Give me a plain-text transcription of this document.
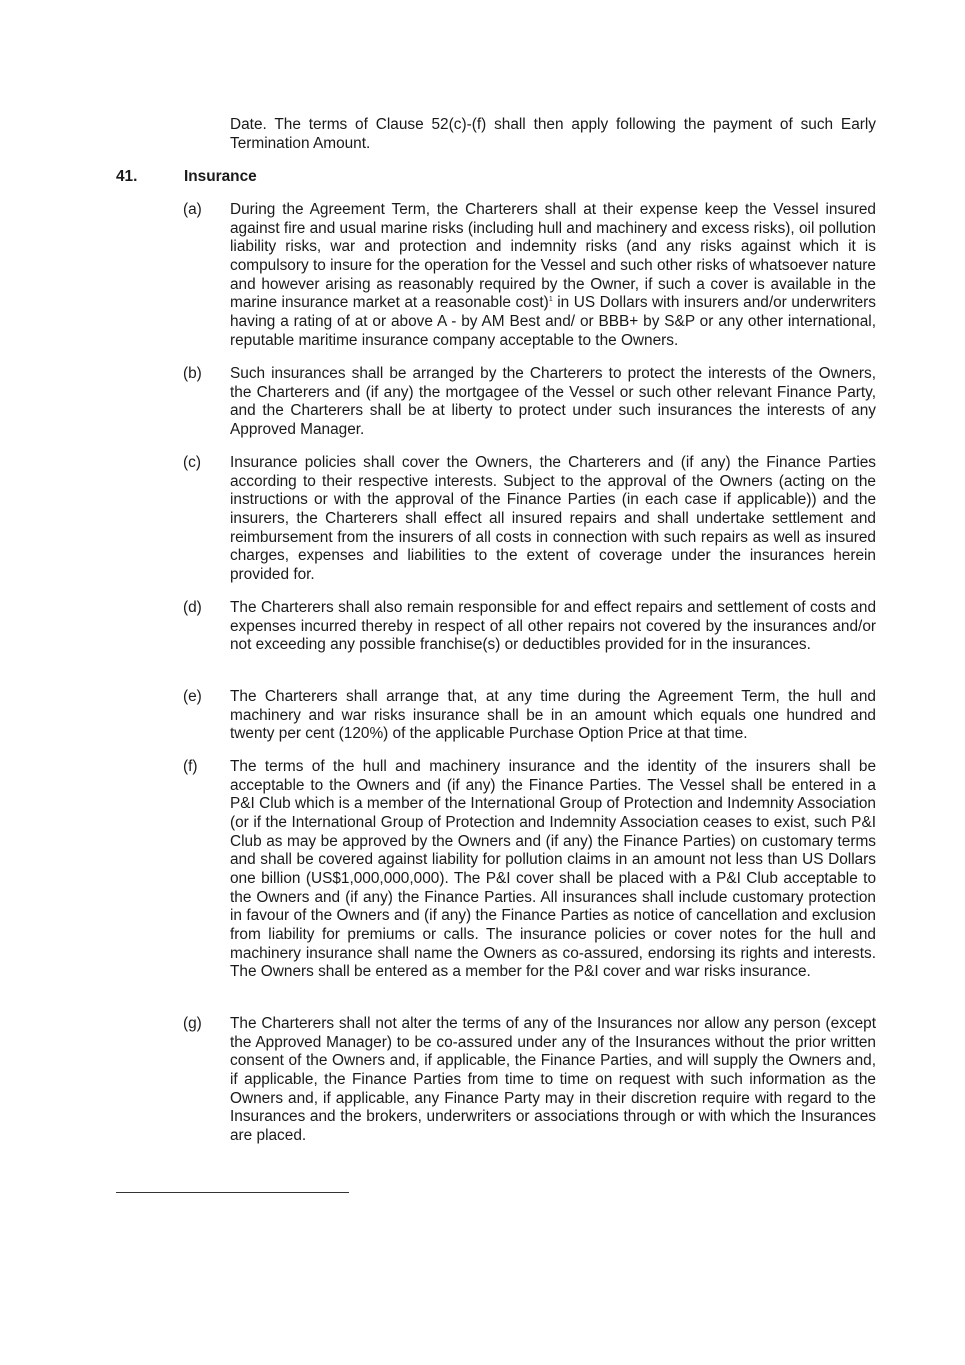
Date. The terms of Clause 52(c)-(f) shall then apply following the payment of such Early Termination Amount.

41.	Insurance
(a) During the Agreement Term, the Charterers shall at their expense keep the Vessel insured against fire and usual marine risks (including hull and machinery and excess risks), oil pollution liability risks, war and protection and indemnity risks (and any risks against which it is compulsory to insure for the operation for the Vessel and such other risks of whatsoever nature and however arising as reasonably required by the Owner, if such a cover is available in the marine insurance market at a reasonable cost)$^1$ in US Dollars with insurers and/or underwriters having a rating of at or above A - by AM Best and/ or BBB+ by S&P or any other international, reputable maritime insurance company acceptable to the Owners.
(b) Such insurances shall be arranged by the Charterers to protect the interests of the Owners, the Charterers and (if any) the mortgagee of the Vessel or such other relevant Finance Party, and the Charterers shall be at liberty to protect under such insurances the interests of any Approved Manager.
(c) Insurance policies shall cover the Owners, the Charterers and (if any) the Finance Parties according to their respective interests. Subject to the approval of the Owners (acting on the instructions or with the approval of the Finance Parties (in each case if applicable)) and the insurers, the Charterers shall effect all insured repairs and shall undertake settlement and reimbursement from the insurers of all costs in connection with such repairs as well as insured charges, expenses and liabilities to the extent of coverage under the insurances herein provided for.
(d) The Charterers shall also remain responsible for and effect repairs and settlement of costs and expenses incurred thereby in respect of all other repairs not covered by the insurances and/or not exceeding any possible franchise(s) or deductibles provided for in the insurances.
(e) The Charterers shall arrange that, at any time during the Agreement Term, the hull and machinery and war risks insurance shall be in an amount which equals one hundred and twenty per cent (120%) of the applicable Purchase Option Price at that time.
(f) The terms of the hull and machinery insurance and the identity of the insurers shall be acceptable to the Owners and (if any) the Finance Parties. The Vessel shall be entered in a P&I Club which is a member of the International Group of Protection and Indemnity Association (or if the International Group of Protection and Indemnity Association ceases to exist, such P&I Club as may be approved by the Owners and (if any) the Finance Parties) on customary terms and shall be covered against liability for pollution claims in an amount not less than US Dollars one billion (US$1,000,000,000). The P&I cover shall be placed with a P&I Club acceptable to the Owners and (if any) the Finance Parties. All insurances shall include customary protection in favour of the Owners and (if any) the Finance Parties as notice of cancellation and exclusion from liability for premiums or calls. The insurance policies or cover notes for the hull and machinery insurance shall name the Owners as co-assured, endorsing its rights and interests. The Owners shall be entered as a member for the P&I cover and war risks insurance.
(g) The Charterers shall not alter the terms of any of the Insurances nor allow any person (except the Approved Manager) to be co-assured under any of the Insurances without the prior written consent of the Owners and, if applicable, the Finance Parties, and will supply the Owners and, if applicable, the Finance Parties from time to time on request with such information as the Owners and, if applicable, any Finance Party may in their discretion require with regard to the Insurances and the brokers, underwriters or associations through or with which the Insurances are placed.
